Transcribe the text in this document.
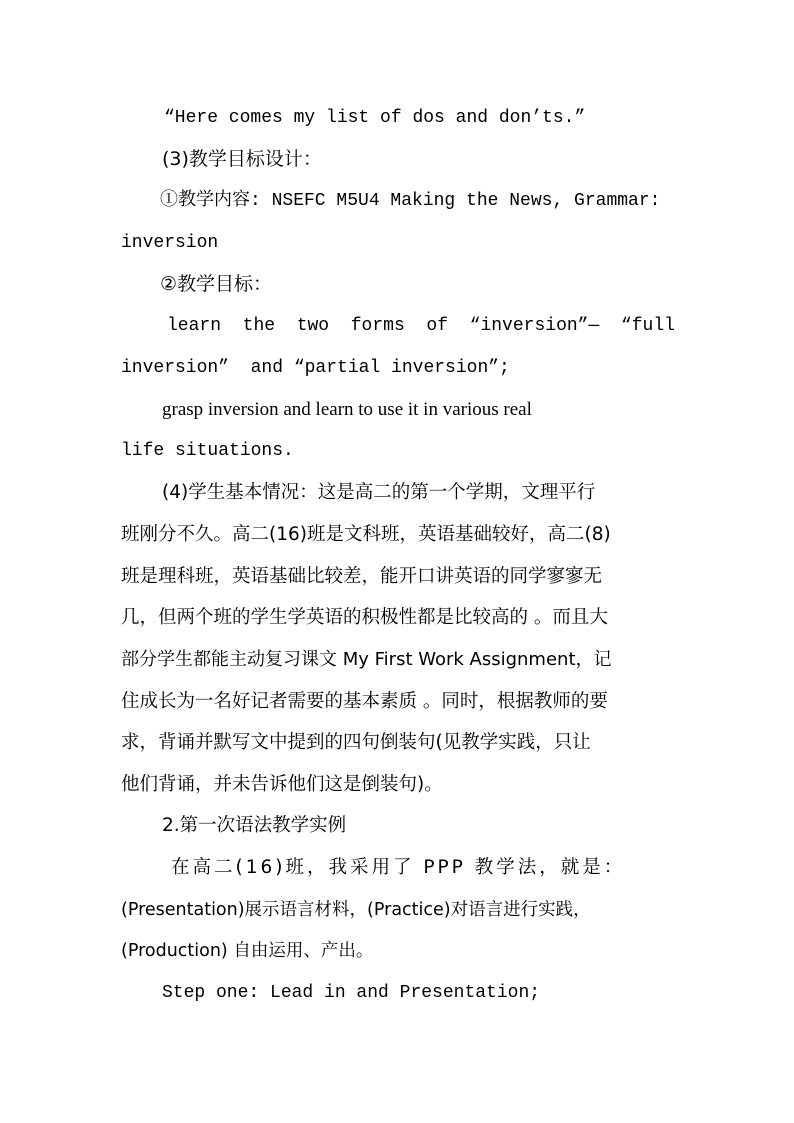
“Here comes my list of dos and don’ts.”
(3)教学目标设计：
①教学内容: NSEFC M5U4 Making the News, Grammar:
inversion
②教学目标：
learn the two forms of “inversion”— “full
inversion”  and “partial inversion”;
grasp inversion and learn to use it in various real
life situations.
(4)学生基本情况：这是高二的第一个学期，文理平行
班刚分不久。高二(16)班是文科班，英语基础较好，高二(8)
班是理科班，英语基础比较差，能开口讲英语的同学寥寥无
几，但两个班的学生学英语的积极性都是比较高的 。而且大
部分学生都能主动复习课文 My First Work Assignment，记
住成长为一名好记者需要的基本素质 。同时，根据教师的要
求，背诵并默写文中提到的四句倒装句(见教学实践，只让
他们背诵，并未告诉他们这是倒装句)。
2.第一次语法教学实例
在高二(16)班，我采用了 PPP 教学法，就是：
(Presentation)展示语言材料，(Practice)对语言进行实践，
(Production) 自由运用、产出。
Step one: Lead in and Presentation;
